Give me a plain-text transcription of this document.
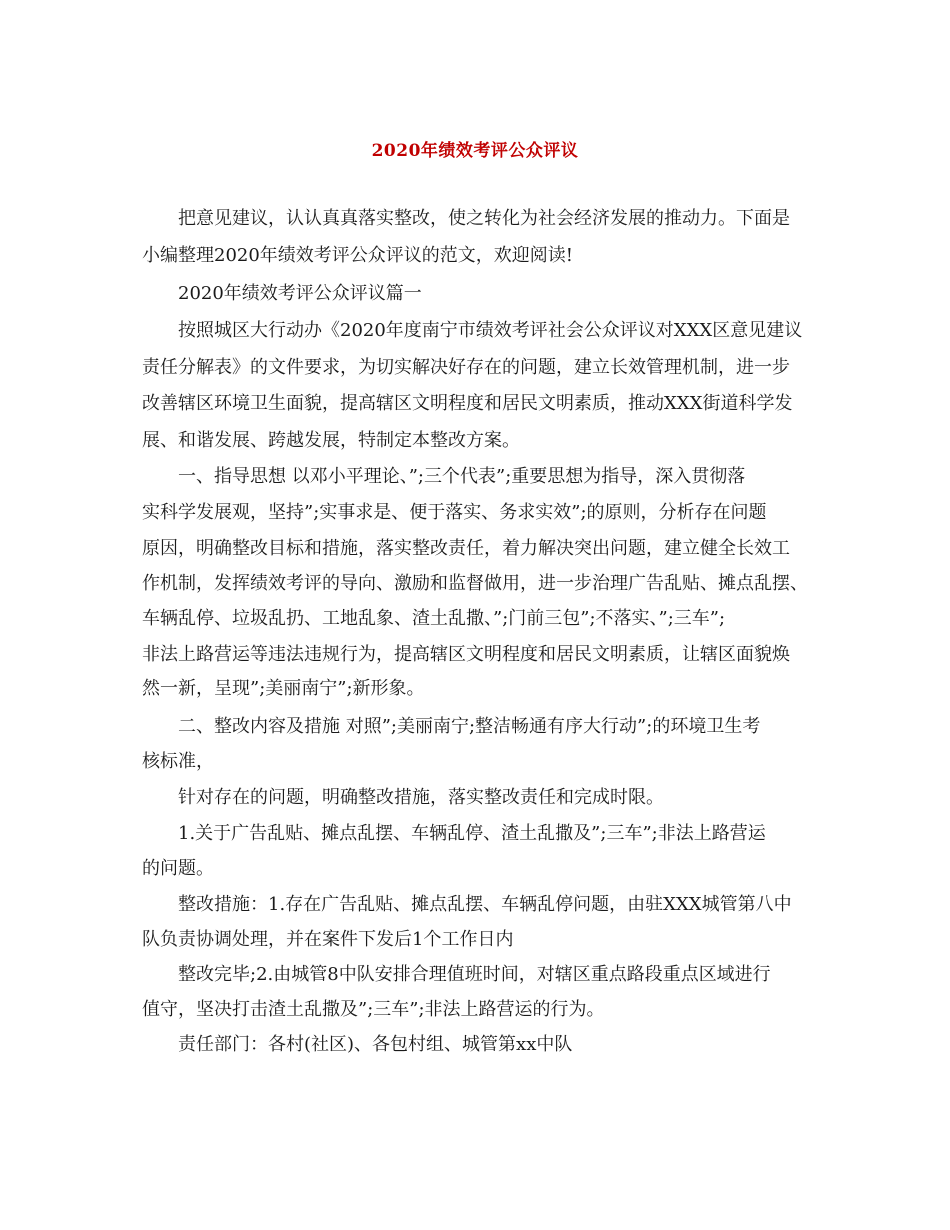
2020年绩效考评公众评议
把意见建议，认认真真落实整改，使之转化为社会经济发展的推动力。下面是
小编整理2020年绩效考评公众评议的范文，欢迎阅读!
2020年绩效考评公众评议篇一
按照城区大行动办《2020年度南宁市绩效考评社会公众评议对XXX区意见建议
责任分解表》的文件要求，为切实解决好存在的问题，建立长效管理机制，进一步
改善辖区环境卫生面貌，提高辖区文明程度和居民文明素质，推动XXX街道科学发
展、和谐发展、跨越发展，特制定本整改方案。
一、指导思想 以邓小平理论、”;三个代表”;重要思想为指导，深入贯彻落
实科学发展观，坚持”;实事求是、便于落实、务求实效”;的原则，分析存在问题
原因，明确整改目标和措施，落实整改责任，着力解决突出问题，建立健全长效工
作机制，发挥绩效考评的导向、激励和监督做用，进一步治理广告乱贴、摊点乱摆、
车辆乱停、垃圾乱扔、工地乱象、渣土乱撒、”;门前三包”;不落实、”;三车”;
非法上路营运等违法违规行为，提高辖区文明程度和居民文明素质，让辖区面貌焕
然一新，呈现”;美丽南宁”;新形象。
二、整改内容及措施 对照”;美丽南宁;整洁畅通有序大行动”;的环境卫生考
核标准，
针对存在的问题，明确整改措施，落实整改责任和完成时限。
1.关于广告乱贴、摊点乱摆、车辆乱停、渣土乱撒及”;三车”;非法上路营运
的问题。
整改措施：1.存在广告乱贴、摊点乱摆、车辆乱停问题，由驻XXX城管第八中
队负责协调处理，并在案件下发后1个工作日内
整改完毕;2.由城管8中队安排合理值班时间，对辖区重点路段重点区域进行
值守，坚决打击渣土乱撒及”;三车”;非法上路营运的行为。
责任部门：各村(社区)、各包村组、城管第xx中队
